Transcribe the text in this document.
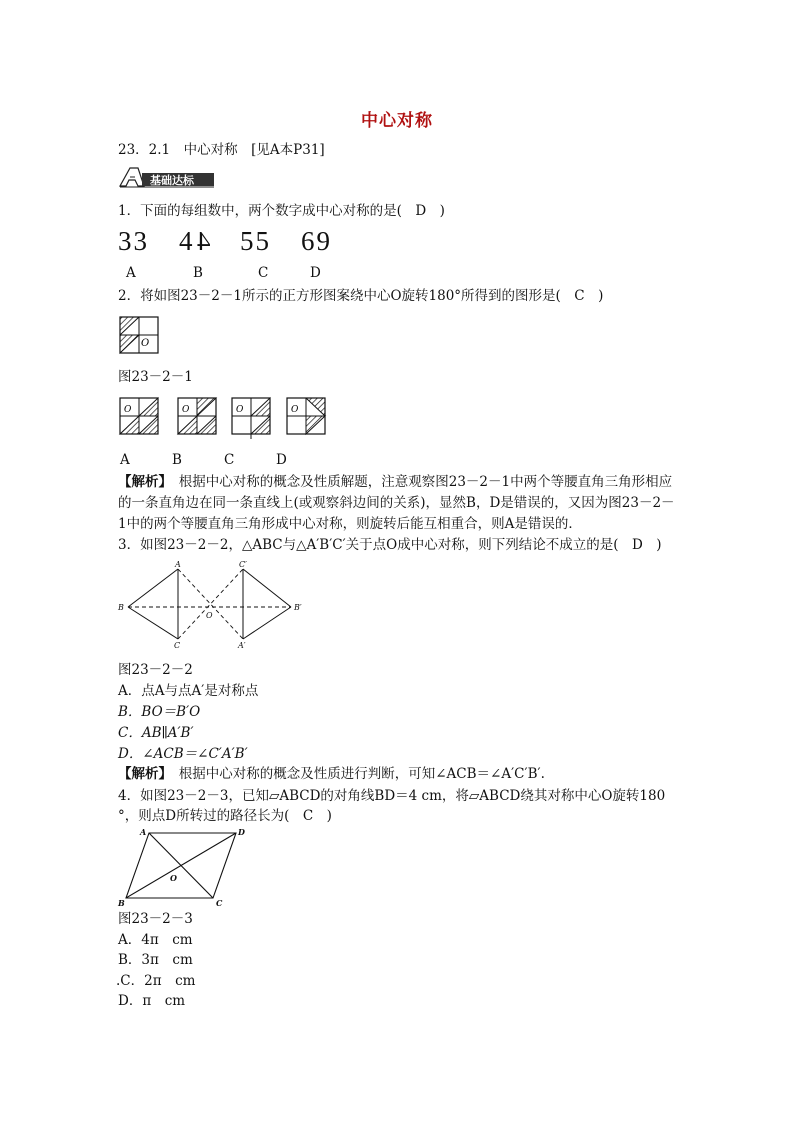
中心对称
23．2.1　中心对称　[见A本P31]
基础达标
1．下面的每组数中，两个数字成中心对称的是(　D　)
33 44 55 69
A	B	C	D
2．将如图23－2－1所示的正方形图案绕中心O旋转180°所得到的图形是(　C　)
O
图23－2－1
O	O	O	O
A	B	C	D
【解析】  根据中心对称的概念及性质解题，注意观察图23－2－1中两个等腰直角三角形相应的一条直角边在同一条直线上(或观察斜边间的关系)，显然B，D是错误的，又因为图23－2－1中的两个等腰直角三角形成中心对称，则旋转后能互相重合，则A是错误的．
3．如图23－2－2，△ABC与△A′B′C′关于点O成中心对称，则下列结论不成立的是(　D　)
A	C′
B
O
B′
C	A′
图23－2－2
A．点A与点A′是对称点
B．BO＝B′O
C．AB∥A′B′
D．∠ACB＝∠C′A′B′
【解析】  根据中心对称的概念及性质进行判断，可知∠ACB＝∠A′C′B′.
4．如图23－2－3，已知▱ABCD的对角线BD＝4 cm，将▱ABCD绕其对称中心O旋转180
°，则点D所转过的路径长为(　C　)
A	D
O
B	C
图23－2－3
A．4π　cm
B．3π　cm
.C．2π　cm
D．π　cm
